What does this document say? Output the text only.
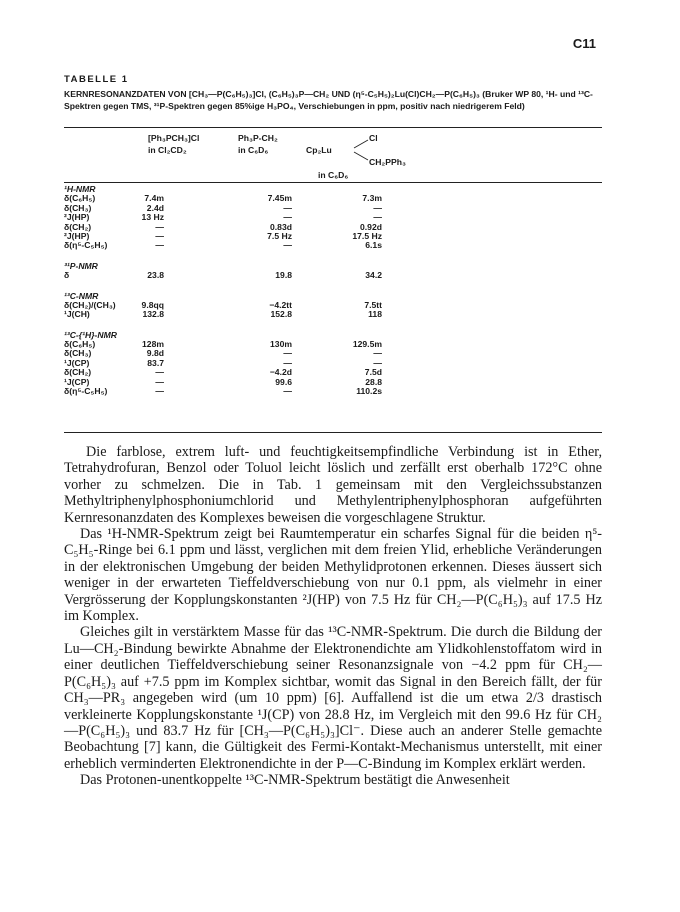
C11
TABELLE 1
KERNRESONANZDATEN VON [CH₃—P(C₆H₅)₃]Cl, (C₆H₅)₃P—CH₂ UND (η⁵-C₅H₅)₂Lu(Cl)CH₂—P(C₆H₅)₃ (Bruker WP 80, ¹H- und ¹³C-Spektren gegen TMS, ³¹P-Spektren gegen 85%ige H₃PO₄, Verschiebungen in ppm, positiv nach niedrigerem Feld)
[Ph₃PCH₃]Cl
in Cl₂CD₂
Ph₃P-CH₂
in C₆D₆	Cp₂Lu
Cl
CH₂PPh₃
in C₆D₆
¹H-NMR
δ(C₆H₅)	7.4m	7.45m	7.3m
δ(CH₃)	2.4d	—	—
²J(HP)	13 Hz	—	—
δ(CH₂)	—	0.83d	0.92d
²J(HP)	—	7.5 Hz	17.5 Hz
δ(η⁵-C₅H₅)	—	—	6.1s
³¹P-NMR
δ	23.8	19.8	34.2
¹³C-NMR
δ(CH₂)/(CH₃)	9.8qq	−4.2tt	7.5tt
¹J(CH)	132.8	152.8	118
¹³C-{¹H}-NMR
δ(C₆H₅)	128m	130m	129.5m
δ(CH₃)	9.8d	—	—
¹J(CP)	83.7	—	—
δ(CH₂)	—	−4.2d	7.5d
¹J(CP)	—	99.6	28.8
δ(η⁵-C₅H₅)	—	—	110.2s

Die farblose, extrem luft- und feuchtigkeitsempfindliche Verbindung ist in Ether, Tetrahydrofuran, Benzol oder Toluol leicht löslich und zerfällt erst oberhalb 172°C ohne vorher zu schmelzen. Die in Tab. 1 gemeinsam mit den Vergleichssubstanzen Methyltriphenylphosphoniumchlorid und Methylentriphenylphosphoran aufgeführten Kernresonanzdaten des Komplexes beweisen die vorgeschlagene Struktur.

Das ¹H-NMR-Spektrum zeigt bei Raumtemperatur ein scharfes Signal für die beiden η⁵-C₅H₅-Ringe bei 6.1 ppm und lässt, verglichen mit dem freien Ylid, erhebliche Veränderungen in der elektronischen Umgebung der beiden Methylidprotonen erkennen. Dieses äussert sich weniger in der erwarteten Tieffeldverschiebung von nur 0.1 ppm, als vielmehr in einer Vergrösserung der Kopplungskonstanten ²J(HP) von 7.5 Hz für CH₂—P(C₆H₅)₃ auf 17.5 Hz im Komplex.

Gleiches gilt in verstärktem Masse für das ¹³C-NMR-Spektrum. Die durch die Bildung der Lu—CH₂-Bindung bewirkte Abnahme der Elektronendichte am Ylidkohlenstoffatom wird in einer deutlichen Tieffeldverschiebung seiner Resonanzsignale von −4.2 ppm für CH₂—P(C₆H₅)₃ auf +7.5 ppm im Komplex sichtbar, womit das Signal in den Bereich fällt, der für CH₃—PR₃ angegeben wird (um 10 ppm) [6]. Auffallend ist die um etwa 2/3 drastisch verkleinerte Kopplungskonstante ¹J(CP) von 28.8 Hz, im Vergleich mit den 99.6 Hz für CH₂—P(C₆H₅)₃ und 83.7 Hz für [CH₃—P(C₆H₅)₃]Cl⁻. Diese auch an anderer Stelle gemachte Beobachtung [7] kann, die Gültigkeit des Fermi-Kontakt-Mechanismus unterstellt, mit einer erheblich verminderten Elektronendichte in der P—C-Bindung im Komplex erklärt werden.

Das Protonen-unentkoppelte ¹³C-NMR-Spektrum bestätigt die Anwesenheit
